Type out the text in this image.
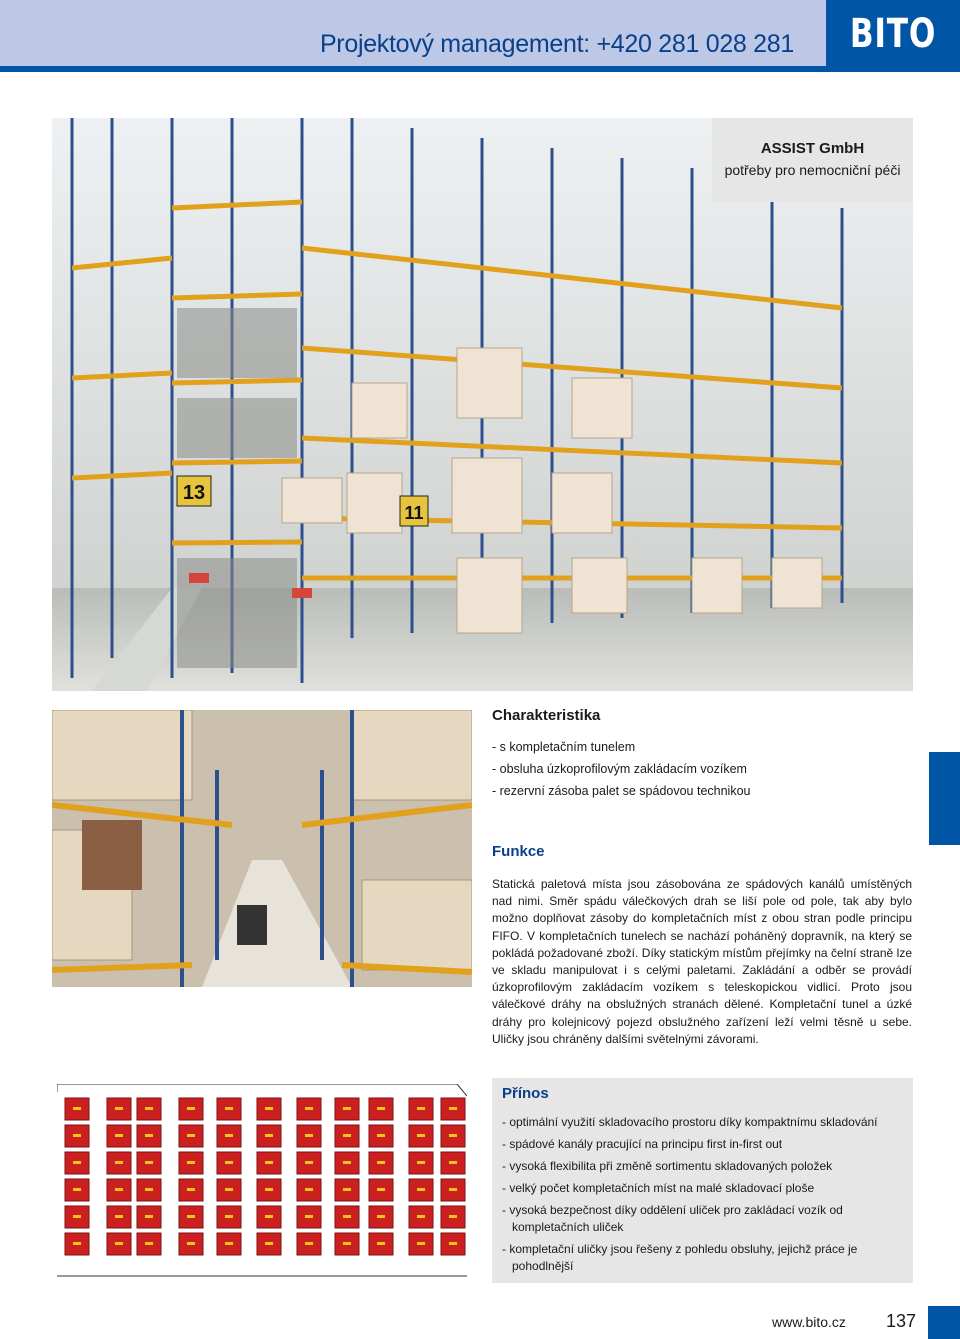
Projektový management: +420 281 028 281 BITO
13
11
ASSIST GmbH
potřeby pro nemocniční péči
Charakteristika
- s kompletačním tunelem
- obsluha úzkoprofilovým zakládacím vozíkem
- rezervní zásoba palet se spádovou technikou
Funkce
Statická paletová místa jsou zásobována ze spádových kanálů umístěných nad nimi. Směr spádu válečkových drah se liší pole od pole, tak aby bylo možno doplňovat zásoby do kompletačních míst z obou stran podle principu FIFO. V kompletačních tunelech se nachází poháněný dopravník, na který se pokládá požadované zboží. Díky statickým místům přejímky na čelní straně lze ve skladu manipulovat i s celými paletami. Zakládání a odběr se provádí úzkoprofilovým zakládacím vozíkem s teleskopickou vidlicí. Proto jsou válečkové dráhy na obslužných stranách dělené. Kompletační tunel a úzké dráhy pro kolejnicový pojezd obslužného zařízení leží velmi těsně u sebe. Uličky jsou chráněny dalšími světelnými závorami.
Přínos
- optimální využití skladovacího prostoru díky kompaktnímu skladování
- spádové kanály pracující na principu first in-first out
- vysoká flexibilita při změně sortimentu skladovaných položek
- velký počet kompletačních míst na malé skladovací ploše
- vysoká bezpečnost díky oddělení uliček pro zakládací vozík od kompletačních uliček
- kompletační uličky jsou řešeny z pohledu obsluhy, jejichž práce je pohodlnější
www.bito.cz 137
